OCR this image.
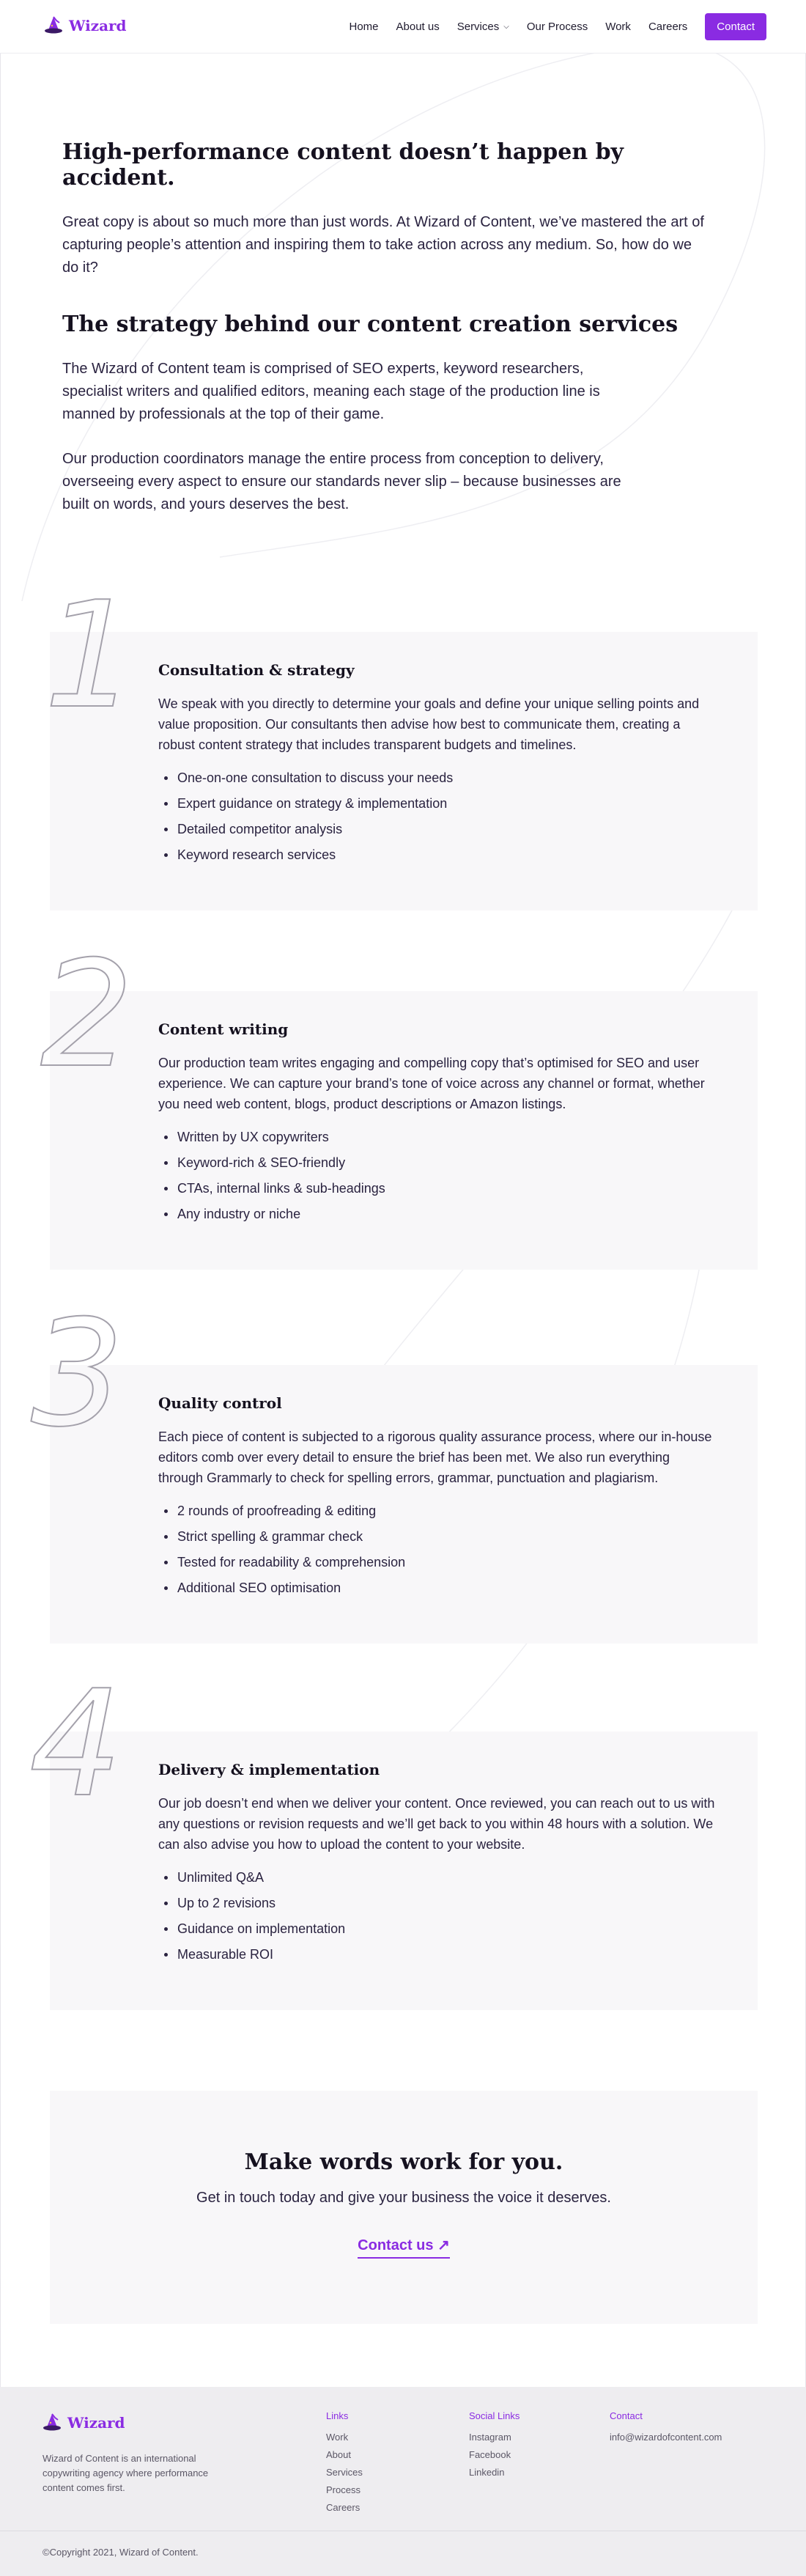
Wizard	Home About us Services ⌵ Our Process Work Careers	Contact
High-performance content doesn’t happen by accident.

Great copy is about so much more than just words. At Wizard of Content, we’ve mastered the art of capturing people’s attention and inspiring them to take action across any medium. So, how do we do it?

The strategy behind our content creation services

The Wizard of Content team is comprised of SEO experts, keyword researchers, specialist writers and qualified editors, meaning each stage of the production line is manned by professionals at the top of their game.

Our production coordinators manage the entire process from conception to delivery, overseeing every aspect to ensure our standards never slip – because businesses are built on words, and yours deserves the best.

1 Consultation & strategy

We speak with you directly to determine your goals and define your unique selling points and value proposition. Our consultants then advise how best to communicate them, creating a robust content strategy that includes transparent budgets and timelines.

One-on-one consultation to discuss your needs
Expert guidance on strategy & implementation
Detailed competitor analysis
Keyword research services
2 Content writing

Our production team writes engaging and compelling copy that’s optimised for SEO and user experience. We can capture your brand’s tone of voice across any channel or format, whether you need web content, blogs, product descriptions or Amazon listings.

Written by UX copywriters
Keyword-rich & SEO-friendly
CTAs, internal links & sub-headings
Any industry or niche
3 Quality control

Each piece of content is subjected to a rigorous quality assurance process, where our in-house editors comb over every detail to ensure the brief has been met. We also run everything through Grammarly to check for spelling errors, grammar, punctuation and plagiarism.

2 rounds of proofreading & editing
Strict spelling & grammar check
Tested for readability & comprehension
Additional SEO optimisation
4 Delivery & implementation

Our job doesn’t end when we deliver your content. Once reviewed, you can reach out to us with any questions or revision requests and we’ll get back to you within 48 hours with a solution. We can also advise you how to upload the content to your website.

Unlimited Q&A
Up to 2 revisions
Guidance on implementation
Measurable ROI
Make words work for you.
Get in touch today and give your business the voice it deserves.
Contact us ↗
Wizard
Wizard of Content is an international copywriting agency where performance content comes first.
Links
Work
About
Services
Process
Careers
Social Links
Instagram
Facebook
Linkedin
Contact
info@wizardofcontent.com
©Copyright 2021, Wizard of Content.
